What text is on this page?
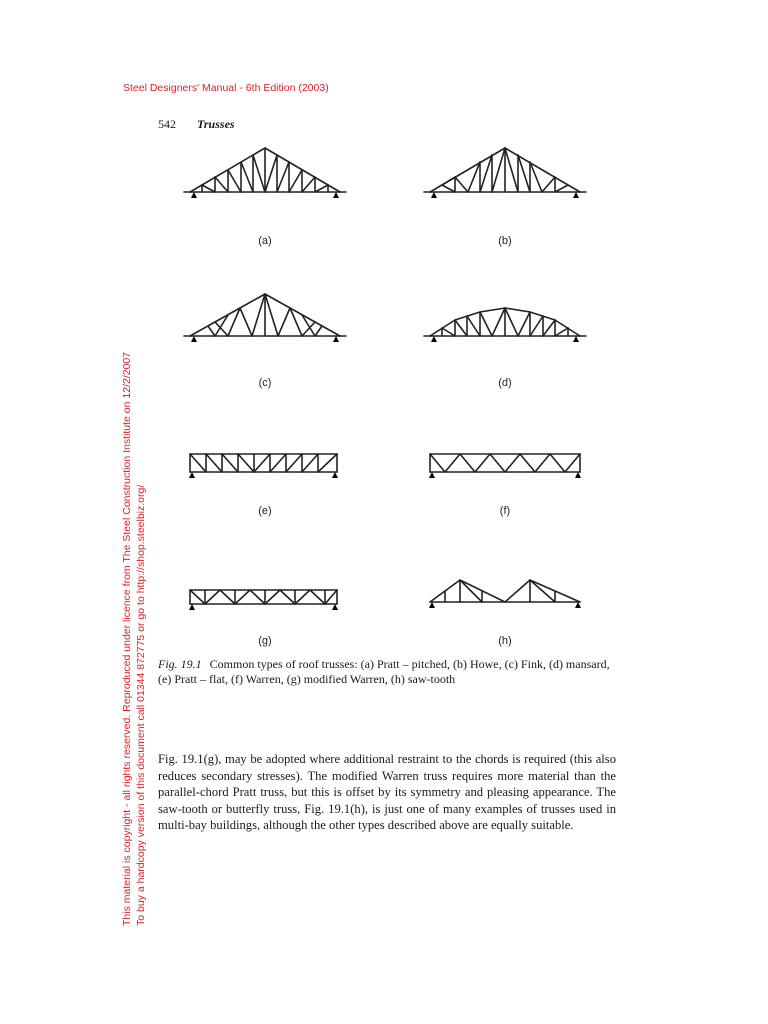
Steel Designers' Manual - 6th Edition (2003)
542 Trusses
This material is copyright - all rights reserved. Reproduced under licence from The Steel Construction Institute on 12/2/2007 To buy a hardcopy version of this document call 01344 872775 or go to http://shop.steelbiz.org/
(a)	(b)
(c)	(d)
(e)	(f)
(g)	(h)
Fig. 19.1 Common types of roof trusses: (a) Pratt – pitched, (b) Howe, (c) Fink, (d) mansard, (e) Pratt – flat, (f) Warren, (g) modified Warren, (h) saw-tooth
Fig. 19.1(g), may be adopted where additional restraint to the chords is required (this also reduces secondary stresses). The modified Warren truss requires more material than the parallel-chord Pratt truss, but this is offset by its symmetry and pleasing appearance. The saw-tooth or butterfly truss, Fig. 19.1(h), is just one of many examples of trusses used in multi-bay buildings, although the other types described above are equally suitable.
